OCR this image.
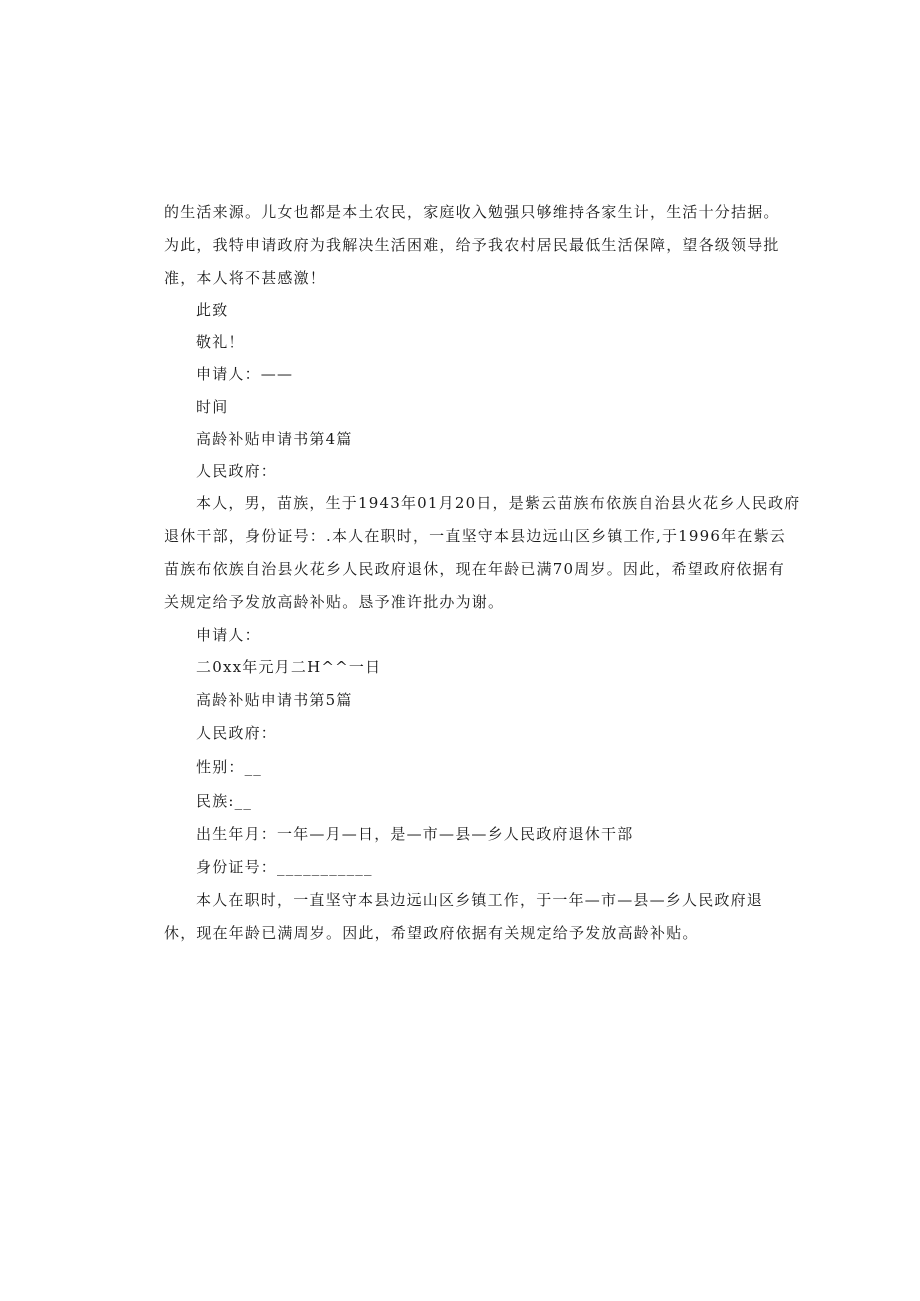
的生活来源。儿女也都是本土农民，家庭收入勉强只够维持各家生计，生活十分拮据。
为此，我特申请政府为我解决生活困难，给予我农村居民最低生活保障，望各级领导批
准，本人将不甚感激！
此致
敬礼！
申请人：——
时间
高龄补贴申请书第4篇
人民政府：
本人，男，苗族，生于1943年01月20日，是紫云苗族布依族自治县火花乡人民政府
退休干部，身份证号：.本人在职时，一直坚守本县边远山区乡镇工作,于1996年在紫云
苗族布依族自治县火花乡人民政府退休，现在年龄已满70周岁。因此，希望政府依据有
关规定给予发放高龄补贴。恳予准许批办为谢。
申请人：
二0xx年元月二H^^一日
高龄补贴申请书第5篇
人民政府：
性别：__
民族:__
出生年月：一年—月—日，是—市—县—乡人民政府退休干部
身份证号：___________
本人在职时，一直坚守本县边远山区乡镇工作，于一年—市—县—乡人民政府退
休，现在年龄已满周岁。因此，希望政府依据有关规定给予发放高龄补贴。
